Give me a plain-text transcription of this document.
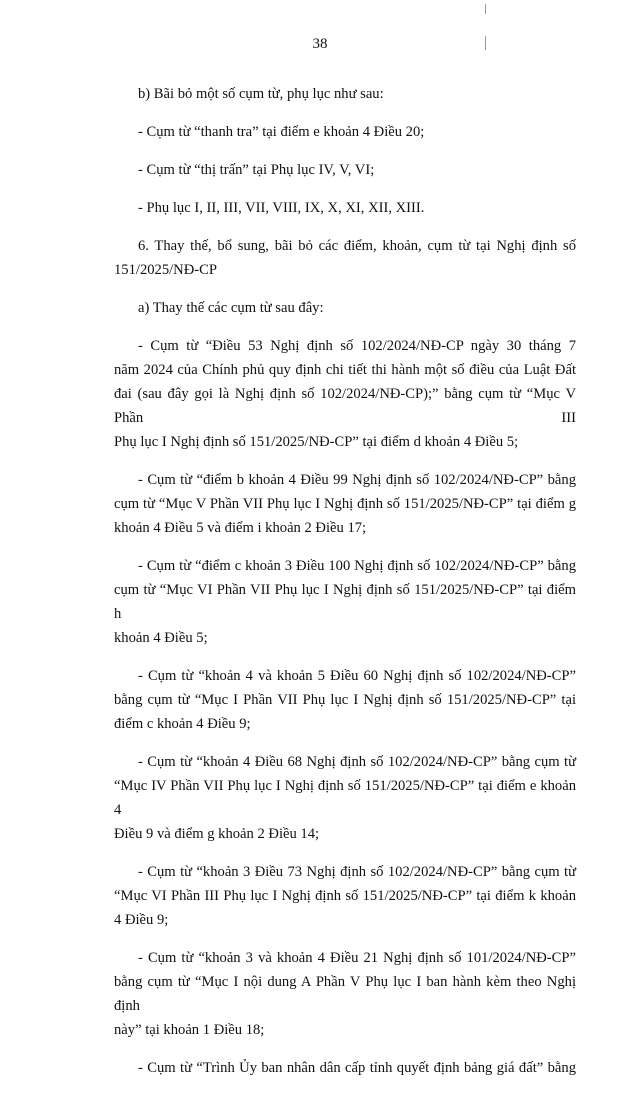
38
b) Bãi bỏ một số cụm từ, phụ lục như sau:
- Cụm từ “thanh tra” tại điểm e khoản 4 Điều 20;
- Cụm từ “thị trấn” tại Phụ lục IV, V, VI;
- Phụ lục I, II, III, VII, VIII, IX, X, XI, XII, XIII.
6. Thay thế, bổ sung, bãi bỏ các điểm, khoản, cụm từ tại Nghị định số
151/2025/NĐ-CP
a) Thay thế các cụm từ sau đây:
- Cụm từ “Điều 53 Nghị định số 102/2024/NĐ-CP ngày 30 tháng 7
năm 2024 của Chính phủ quy định chi tiết thi hành một số điều của Luật Đất
đai (sau đây gọi là Nghị định số 102/2024/NĐ-CP);” bằng cụm từ “Mục V Phần III
Phụ lục I Nghị định số 151/2025/NĐ-CP” tại điểm d khoản 4 Điều 5;
- Cụm từ “điểm b khoản 4 Điều 99 Nghị định số 102/2024/NĐ-CP” bằng
cụm từ “Mục V Phần VII Phụ lục I Nghị định số 151/2025/NĐ-CP” tại điểm g
khoản 4 Điều 5 và điểm i khoản 2 Điều 17;
- Cụm từ “điểm c khoản 3 Điều 100 Nghị định số 102/2024/NĐ-CP” bằng
cụm từ “Mục VI Phần VII Phụ lục I Nghị định số 151/2025/NĐ-CP” tại điểm h
khoản 4 Điều 5;
- Cụm từ “khoản 4 và khoản 5 Điều 60 Nghị định số 102/2024/NĐ-CP”
bằng cụm từ “Mục I Phần VII Phụ lục I Nghị định số 151/2025/NĐ-CP” tại
điểm c khoản 4 Điều 9;
- Cụm từ “khoản 4 Điều 68 Nghị định số 102/2024/NĐ-CP” bằng cụm từ
“Mục IV Phần VII Phụ lục I Nghị định số 151/2025/NĐ-CP” tại điểm e khoản 4
Điều 9 và điểm g khoản 2 Điều 14;
- Cụm từ “khoản 3 Điều 73 Nghị định số 102/2024/NĐ-CP” bằng cụm từ
“Mục VI Phần III Phụ lục I Nghị định số 151/2025/NĐ-CP” tại điểm k khoản
4 Điều 9;
- Cụm từ “khoản 3 và khoản 4 Điều 21 Nghị định số 101/2024/NĐ-CP”
bằng cụm từ “Mục I nội dung A Phần V Phụ lục I ban hành kèm theo Nghị định
này” tại khoản 1 Điều 18;
- Cụm từ “Trình Ủy ban nhân dân cấp tỉnh quyết định bảng giá đất” bằng
